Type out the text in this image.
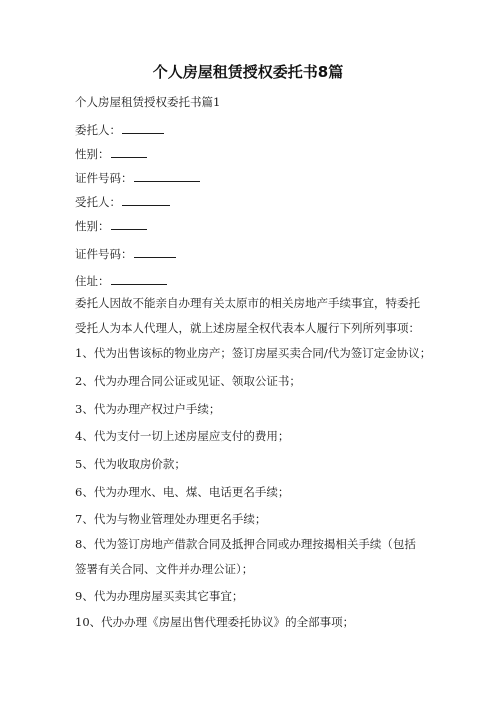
个人房屋租赁授权委托书8篇
个人房屋租赁授权委托书篇1
委托人：
性别：
证件号码：
受托人：
性别：
证件号码：
住址：
委托人因故不能亲自办理有关太原市的相关房地产手续事宜，特委托
受托人为本人代理人，就上述房屋全权代表本人履行下列所列事项：
1、代为出售该标的物业房产；签订房屋买卖合同/代为签订定金协议；
2、代为办理合同公证或见证、领取公证书；
3、代为办理产权过户手续；
4、代为支付一切上述房屋应支付的费用；
5、代为收取房价款；
6、代为办理水、电、煤、电话更名手续；
7、代为与物业管理处办理更名手续；
8、代为签订房地产借款合同及抵押合同或办理按揭相关手续（包括
签署有关合同、文件并办理公证）；
9、代为办理房屋买卖其它事宜；
10、代办办理《房屋出售代理委托协议》的全部事项；
